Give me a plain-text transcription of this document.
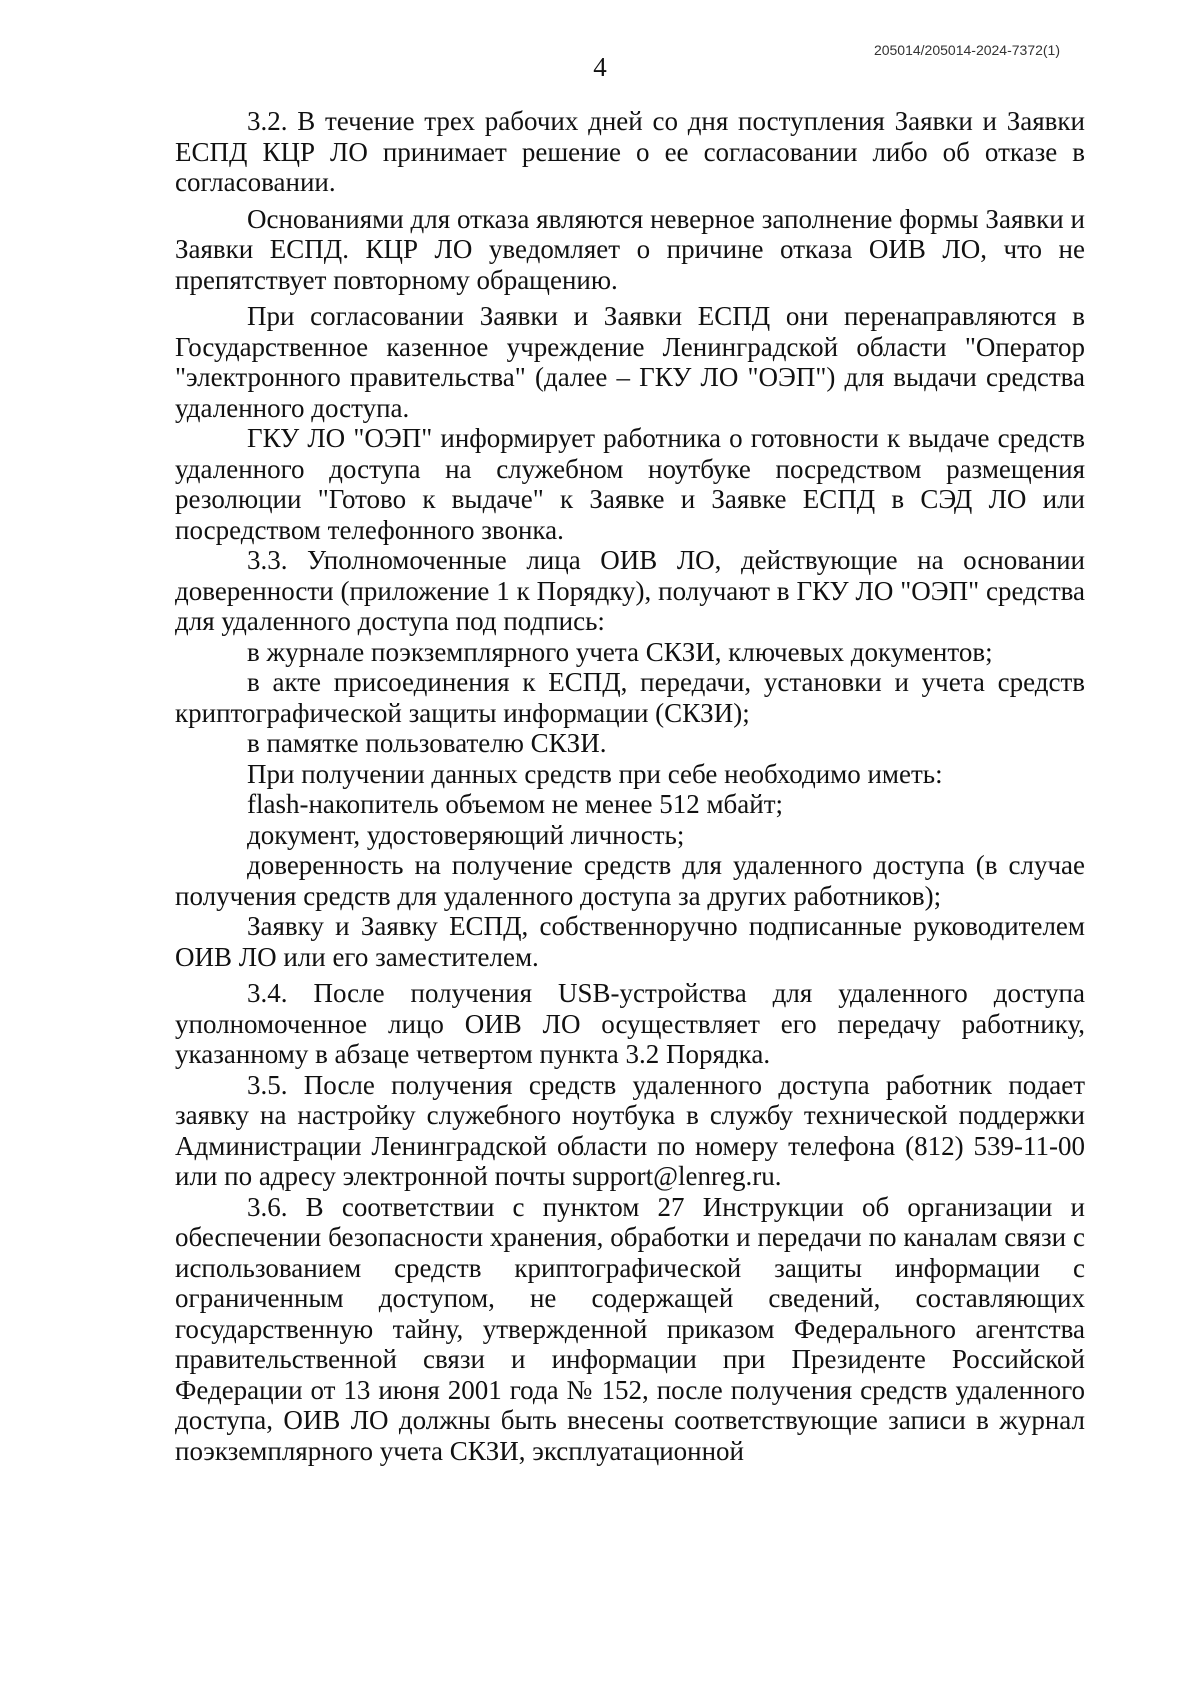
205014/205014-2024-7372(1)
4

3.2. В течение трех рабочих дней со дня поступления Заявки и Заявки ЕСПД КЦР ЛО принимает решение о ее согласовании либо об отказе в согласовании.

Основаниями для отказа являются неверное заполнение формы Заявки и Заявки ЕСПД. КЦР ЛО уведомляет о причине отказа ОИВ ЛО, что не препятствует повторному обращению.

При согласовании Заявки и Заявки ЕСПД они перенаправляются в Государственное казенное учреждение Ленинградской области "Оператор "электронного правительства" (далее – ГКУ ЛО "ОЭП") для выдачи средства удаленного доступа.

ГКУ ЛО "ОЭП" информирует работника о готовности к выдаче средств удаленного доступа на служебном ноутбуке посредством размещения резолюции "Готово к выдаче" к Заявке и Заявке ЕСПД в СЭД ЛО или посредством телефонного звонка.

3.3. Уполномоченные лица ОИВ ЛО, действующие на основании доверенности (приложение 1 к Порядку), получают в ГКУ ЛО "ОЭП" средства для удаленного доступа под подпись:

в журнале поэкземплярного учета СКЗИ, ключевых документов;

в акте присоединения к ЕСПД, передачи, установки и учета средств криптографической защиты информации (СКЗИ);

в памятке пользователю СКЗИ.

При получении данных средств при себе необходимо иметь:

flash-накопитель объемом не менее 512 мбайт;

документ, удостоверяющий личность;

доверенность на получение средств для удаленного доступа (в случае получения средств для удаленного доступа за других работников);

Заявку и Заявку ЕСПД, собственноручно подписанные руководителем ОИВ ЛО или его заместителем.

3.4. После получения USB-устройства для удаленного доступа уполномоченное лицо ОИВ ЛО осуществляет его передачу работнику, указанному в абзаце четвертом пункта 3.2 Порядка.

3.5. После получения средств удаленного доступа работник подает заявку на настройку служебного ноутбука в службу технической поддержки Администрации Ленинградской области по номеру телефона (812) 539-11-00 или по адресу электронной почты support@lenreg.ru.

3.6. В соответствии с пунктом 27 Инструкции об организации и обеспечении безопасности хранения, обработки и передачи по каналам связи с использованием средств криптографической защиты информации с ограниченным доступом, не содержащей сведений, составляющих государственную тайну, утвержденной приказом Федерального агентства правительственной связи и информации при Президенте Российской Федерации от 13 июня 2001 года № 152, после получения средств удаленного доступа, ОИВ ЛО должны быть внесены соответствующие записи в журнал поэкземплярного учета СКЗИ, эксплуатационной
